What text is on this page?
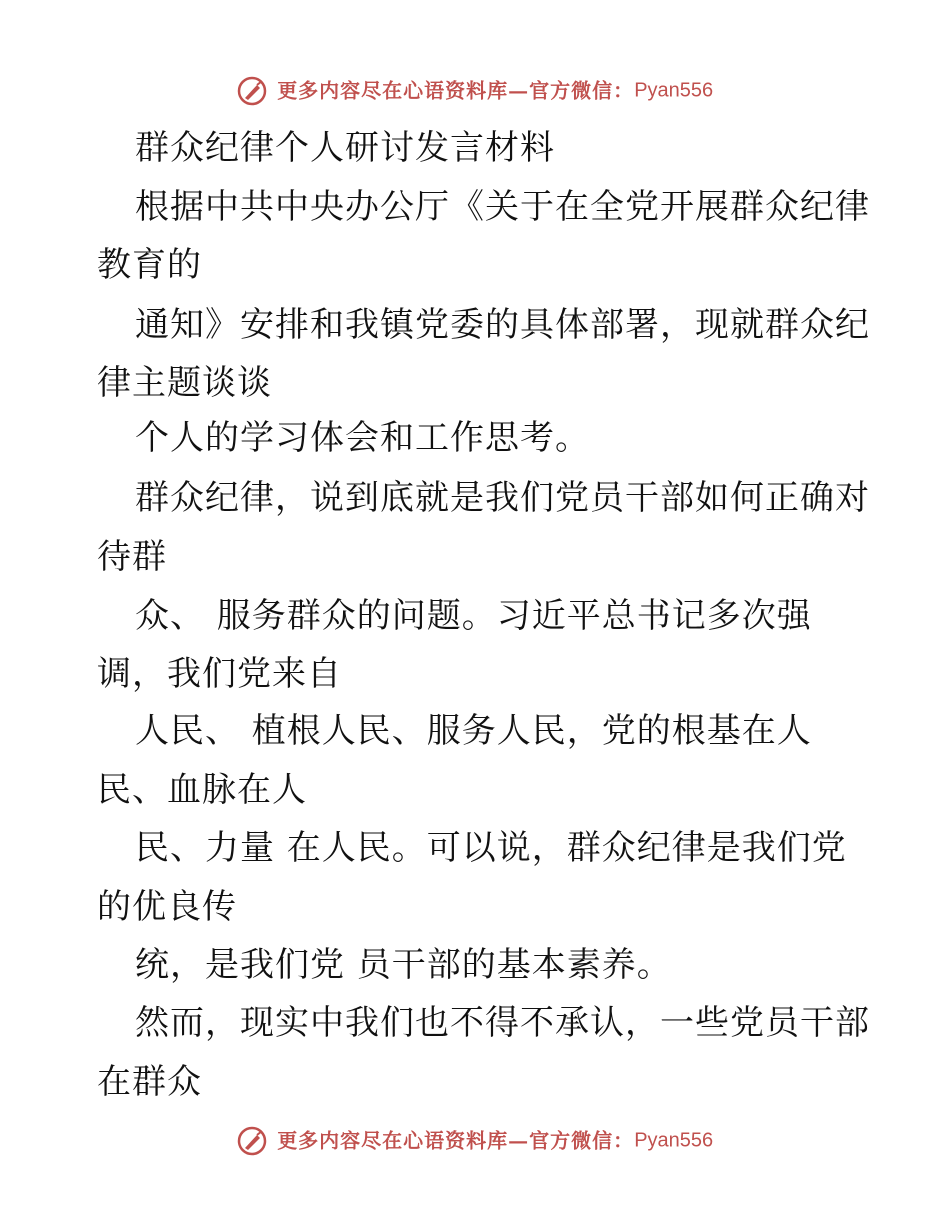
更多内容尽在心语资料库—官方微信：Pyan556
群众纪律个人研讨发言材料
根据中共中央办公厅《关于在全党开展群众纪律
教育的
通知》安排和我镇党委的具体部署，现就群众纪
律主题谈谈
个人的学习体会和工作思考。
群众纪律，说到底就是我们党员干部如何正确对
待群
众、 服务群众的问题。习近平总书记多次强
调，我们党来自
人民、 植根人民、服务人民，党的根基在人
民、血脉在人
民、力量 在人民。可以说，群众纪律是我们党
的优良传
统，是我们党 员干部的基本素养。
然而，现实中我们也不得不承认，一些党员干部
在群众
更多内容尽在心语资料库—官方微信：Pyan556
